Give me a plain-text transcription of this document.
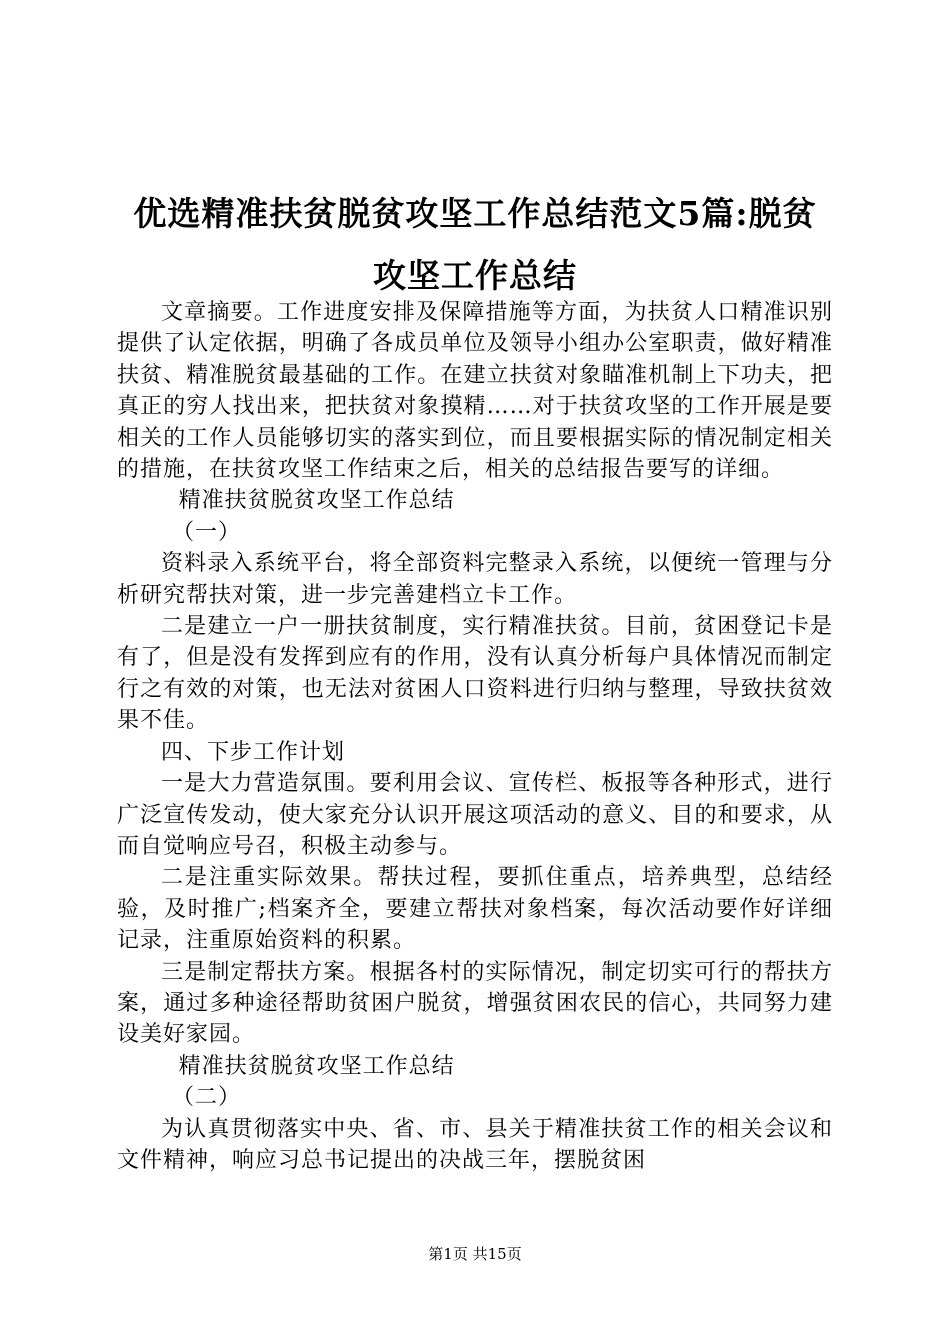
优选精准扶贫脱贫攻坚工作总结范文5篇:脱贫攻坚工作总结

文章摘要。工作进度安排及保障措施等方面，为扶贫人口精准识别提供了认定依据，明确了各成员单位及领导小组办公室职责，做好精准扶贫、精准脱贫最基础的工作。在建立扶贫对象瞄准机制上下功夫，把真正的穷人找出来，把扶贫对象摸精……对于扶贫攻坚的工作开展是要相关的工作人员能够切实的落实到位，而且要根据实际的情况制定相关的措施，在扶贫攻坚工作结束之后，相关的总结报告要写的详细。

精准扶贫脱贫攻坚工作总结

（一）

资料录入系统平台，将全部资料完整录入系统，以便统一管理与分析研究帮扶对策，进一步完善建档立卡工作。

二是建立一户一册扶贫制度，实行精准扶贫。目前，贫困登记卡是有了，但是没有发挥到应有的作用，没有认真分析每户具体情况而制定行之有效的对策，也无法对贫困人口资料进行归纳与整理，导致扶贫效果不佳。

四、下步工作计划

一是大力营造氛围。要利用会议、宣传栏、板报等各种形式，进行广泛宣传发动，使大家充分认识开展这项活动的意义、目的和要求，从而自觉响应号召，积极主动参与。

二是注重实际效果。帮扶过程，要抓住重点，培养典型，总结经验，及时推广;档案齐全，要建立帮扶对象档案，每次活动要作好详细记录，注重原始资料的积累。

三是制定帮扶方案。根据各村的实际情况，制定切实可行的帮扶方案，通过多种途径帮助贫困户脱贫，增强贫困农民的信心，共同努力建设美好家园。

精准扶贫脱贫攻坚工作总结

（二）

为认真贯彻落实中央、省、市、县关于精准扶贫工作的相关会议和文件精神，响应习总书记提出的决战三年，摆脱贫困

第1页 共15页
